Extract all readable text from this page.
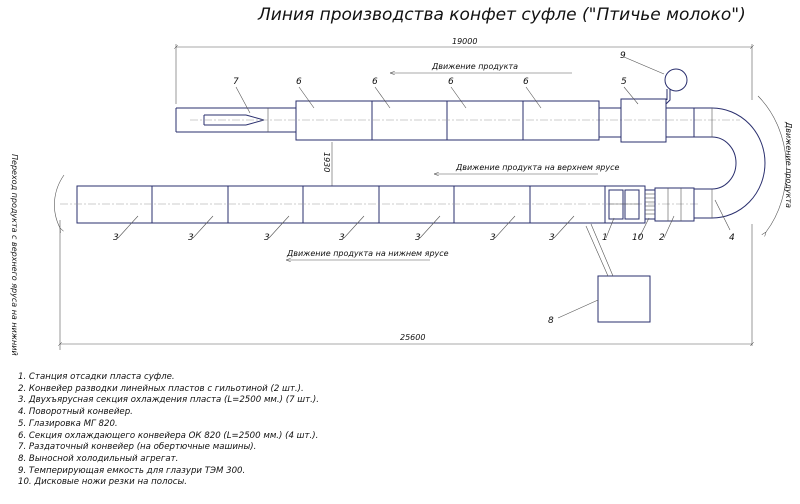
Линия производства конфет суфле ("Птичье молоко")
19000
Движение продукта
Движение продукта
Переход продукта с верхнего яруса на нижний	1930	Движение продукта на верхнем ярусе
Движение продукта на нижнем ярусе
25600
7	6	6	6	6	5
9
3	3	3	3	3	3	3	1	10 2	4
8
1. Станция отсадки пласта суфле.
2. Конвейер разводки линейных пластов с гильотиной (2 шт.).
3. Двухъярусная секция охлаждения пласта (L=2500 мм.) (7 шт.).
4. Поворотный конвейер.
5. Глазировка МГ 820.
6. Секция охлаждающего конвейера ОК 820 (L=2500 мм.) (4 шт.).
7. Раздаточный конвейер (на обертючные машины).
8. Выносной холодильный агрегат.
9. Темперирующая емкость для глазури ТЭМ 300.
10. Дисковые ножи резки на полосы.
